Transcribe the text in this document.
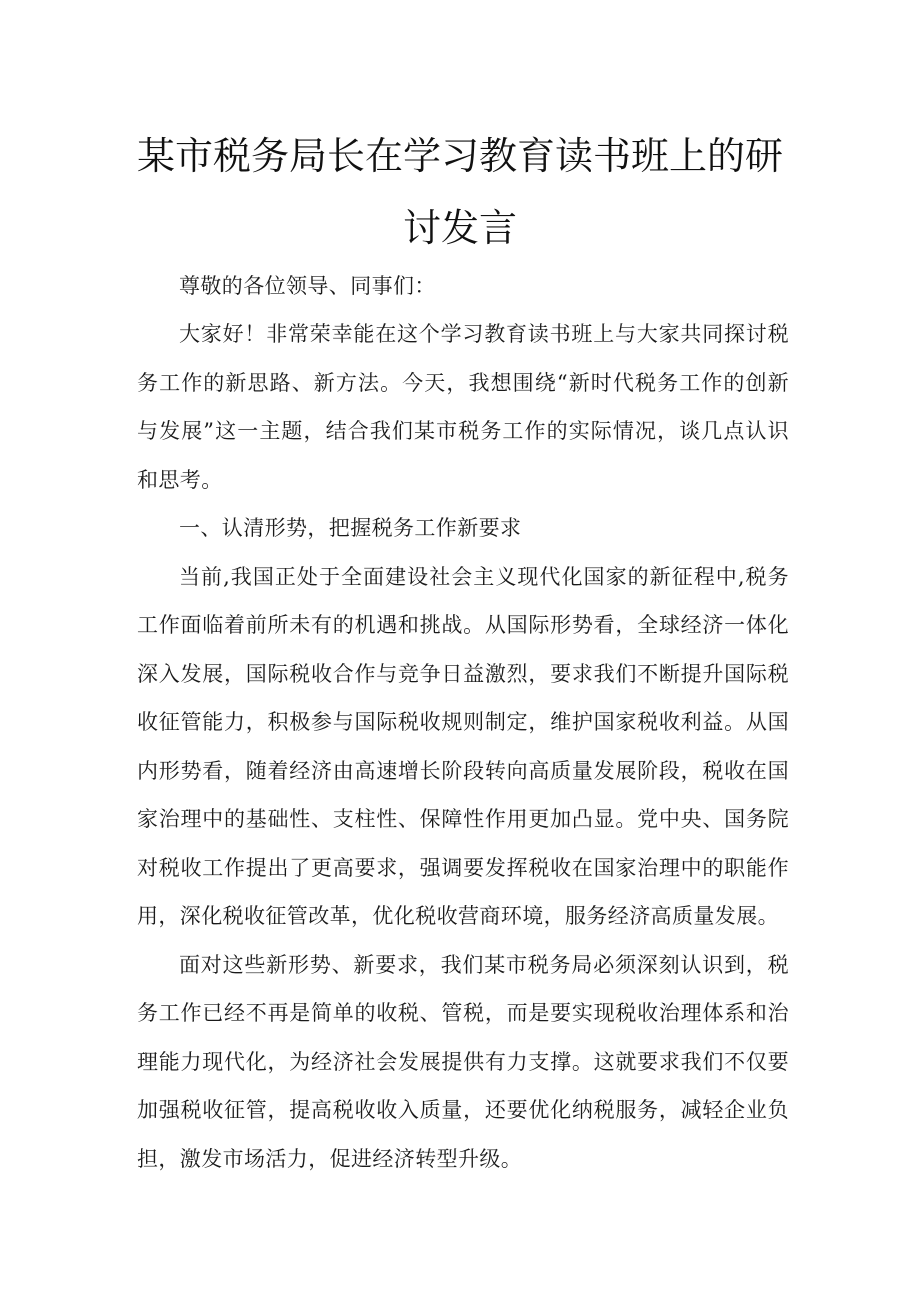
某市税务局长在学习教育读书班上的研
讨发言

尊敬的各位领导、同事们：

大家好！非常荣幸能在这个学习教育读书班上与大家共同探讨税务工作的新思路、新方法。今天，我想围绕“新时代税务工作的创新与发展”这一主题，结合我们某市税务工作的实际情况，谈几点认识和思考。

一、认清形势，把握税务工作新要求

当前,我国正处于全面建设社会主义现代化国家的新征程中,税务工作面临着前所未有的机遇和挑战。从国际形势看，全球经济一体化深入发展，国际税收合作与竞争日益激烈，要求我们不断提升国际税收征管能力，积极参与国际税收规则制定，维护国家税收利益。从国内形势看，随着经济由高速增长阶段转向高质量发展阶段，税收在国家治理中的基础性、支柱性、保障性作用更加凸显。党中央、国务院对税收工作提出了更高要求，强调要发挥税收在国家治理中的职能作用，深化税收征管改革，优化税收营商环境，服务经济高质量发展。

面对这些新形势、新要求，我们某市税务局必须深刻认识到，税务工作已经不再是简单的收税、管税，而是要实现税收治理体系和治理能力现代化，为经济社会发展提供有力支撑。这就要求我们不仅要加强税收征管，提高税收收入质量，还要优化纳税服务，减轻企业负担，激发市场活力，促进经济转型升级。
